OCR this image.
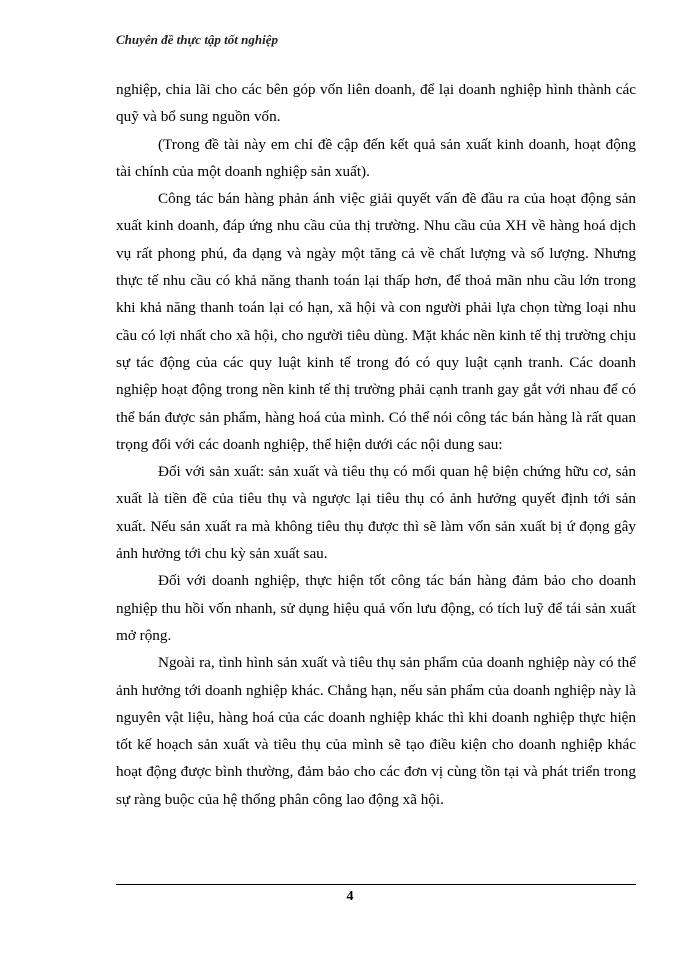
Chuyên đề thực tập tốt nghiệp

nghiệp, chia lãi cho các bên góp vốn liên doanh, để lại doanh nghiệp hình thành các quỹ và bổ sung nguồn vốn.

(Trong đề tài này em chỉ đề cập đến kết quả sản xuất kinh doanh, hoạt động tài chính của một doanh nghiệp sản xuất).

Công tác bán hàng phản ánh việc giải quyết vấn đề đầu ra của hoạt động sản xuất kinh doanh, đáp ứng nhu cầu của thị trường. Nhu cầu của XH về hàng hoá dịch vụ rất phong phú, đa dạng và ngày một tăng cả về chất lượng và số lượng. Nhưng thực tế nhu cầu có khả năng thanh toán lại thấp hơn, để thoả mãn nhu cầu lớn trong khi khả năng thanh toán lại có hạn, xã hội và con người phải lựa chọn từng loại nhu cầu có lợi nhất cho xã hội, cho người tiêu dùng. Mặt khác nền kinh tế thị trường chịu sự tác động của các quy luật kinh tế trong đó có quy luật cạnh tranh. Các doanh nghiệp hoạt động trong nền kinh tế thị trường phải cạnh tranh gay gắt với nhau để có thể bán được sản phẩm, hàng hoá của mình. Có thể nói công tác bán hàng là rất quan trọng đối với các doanh nghiệp, thể hiện dưới các nội dung sau:

Đối với sản xuất: sản xuất và tiêu thụ có mối quan hệ biện chứng hữu cơ, sản xuất là tiền đề của tiêu thụ và ngược lại tiêu thụ có ảnh hưởng quyết định tới sản xuất. Nếu sản xuất ra mà không tiêu thụ được thì sẽ làm vốn sản xuất bị ứ đọng gây ảnh hưởng tới chu kỳ sản xuất sau.

Đối với doanh nghiệp, thực hiện tốt công tác bán hàng đảm bảo cho doanh nghiệp thu hồi vốn nhanh, sử dụng hiệu quả vốn lưu động, có tích luỹ để tái sản xuất mở rộng.

Ngoài ra, tình hình sản xuất và tiêu thụ sản phẩm của doanh nghiệp này có thể ảnh hưởng tới doanh nghiệp khác. Chẳng hạn, nếu sản phẩm của doanh nghiệp này là nguyên vật liệu, hàng hoá của các doanh nghiệp khác thì khi doanh nghiệp thực hiện tốt kế hoạch sản xuất và tiêu thụ của mình sẽ tạo điều kiện cho doanh nghiệp khác hoạt động được bình thường, đảm bảo cho các đơn vị cùng tồn tại và phát triển trong sự ràng buộc của hệ thống phân công lao động xã hội.

4
